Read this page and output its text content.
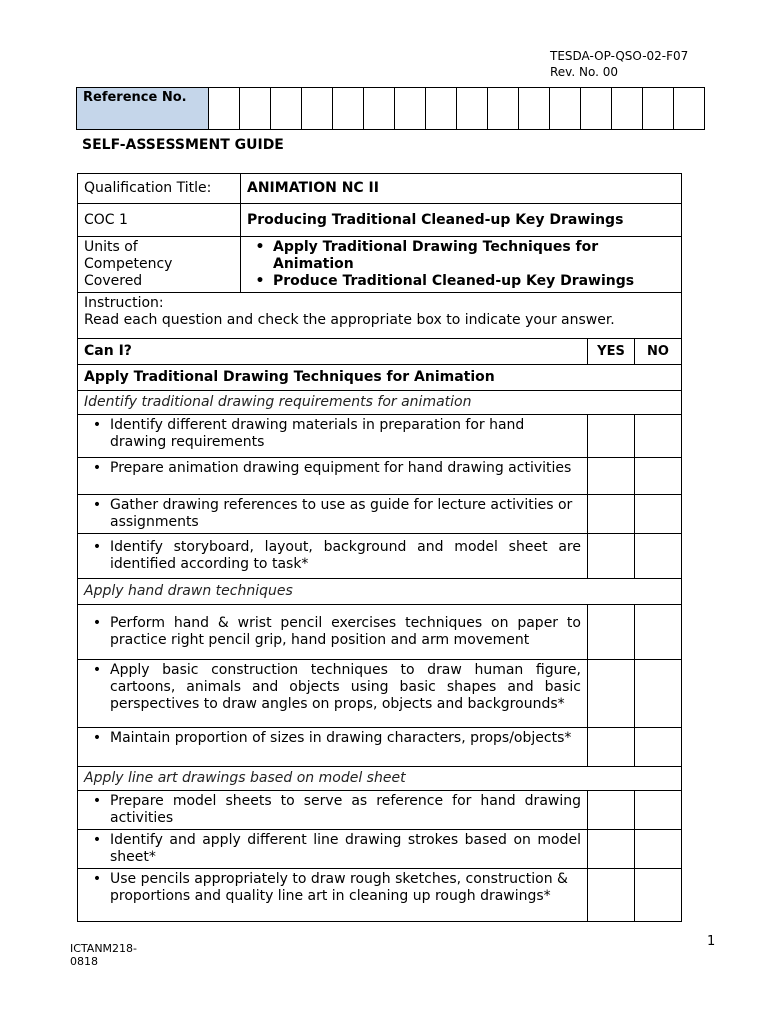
TESDA-OP-QSO-02-F07 Rev. No. 00
Reference No.																
SELF-ASSESSMENT GUIDE
Qualification Title:	ANIMATION NC II		
COC 1	Producing Traditional Cleaned-up Key Drawings		

Units of Competency Covered	• Apply Traditional Drawing Techniques for Animation
• Produce Traditional Cleaned-up Key Drawings		

Instruction:
Read each question and check the appropriate box to indicate your answer.			

Can I?		YES	NO
Apply Traditional Drawing Techniques for Animation			
Identify traditional drawing requirements for animation			

• Identify different drawing materials in preparation for hand drawing requirements			

• Prepare animation drawing equipment for hand drawing activities			

• Gather drawing references to use as guide for lecture activities or assignments			

• Identify storyboard, layout, background and model sheet are identified according to task*			

Apply hand drawn techniques			

• Perform hand & wrist pencil exercises techniques on paper to practice right pencil grip, hand position and arm movement			

• Apply basic construction techniques to draw human figure, cartoons, animals and objects using basic shapes and basic perspectives to draw angles on props, objects and backgrounds*			

• Maintain proportion of sizes in drawing characters, props/objects*			

Apply line art drawings based on model sheet			

• Prepare model sheets to serve as reference for hand drawing activities			

• Identify and apply different line drawing strokes based on model sheet*			

• Use pencils appropriately to draw rough sketches, construction & proportions and quality line art in cleaning up rough drawings*			

ICTANM218-0818
1
